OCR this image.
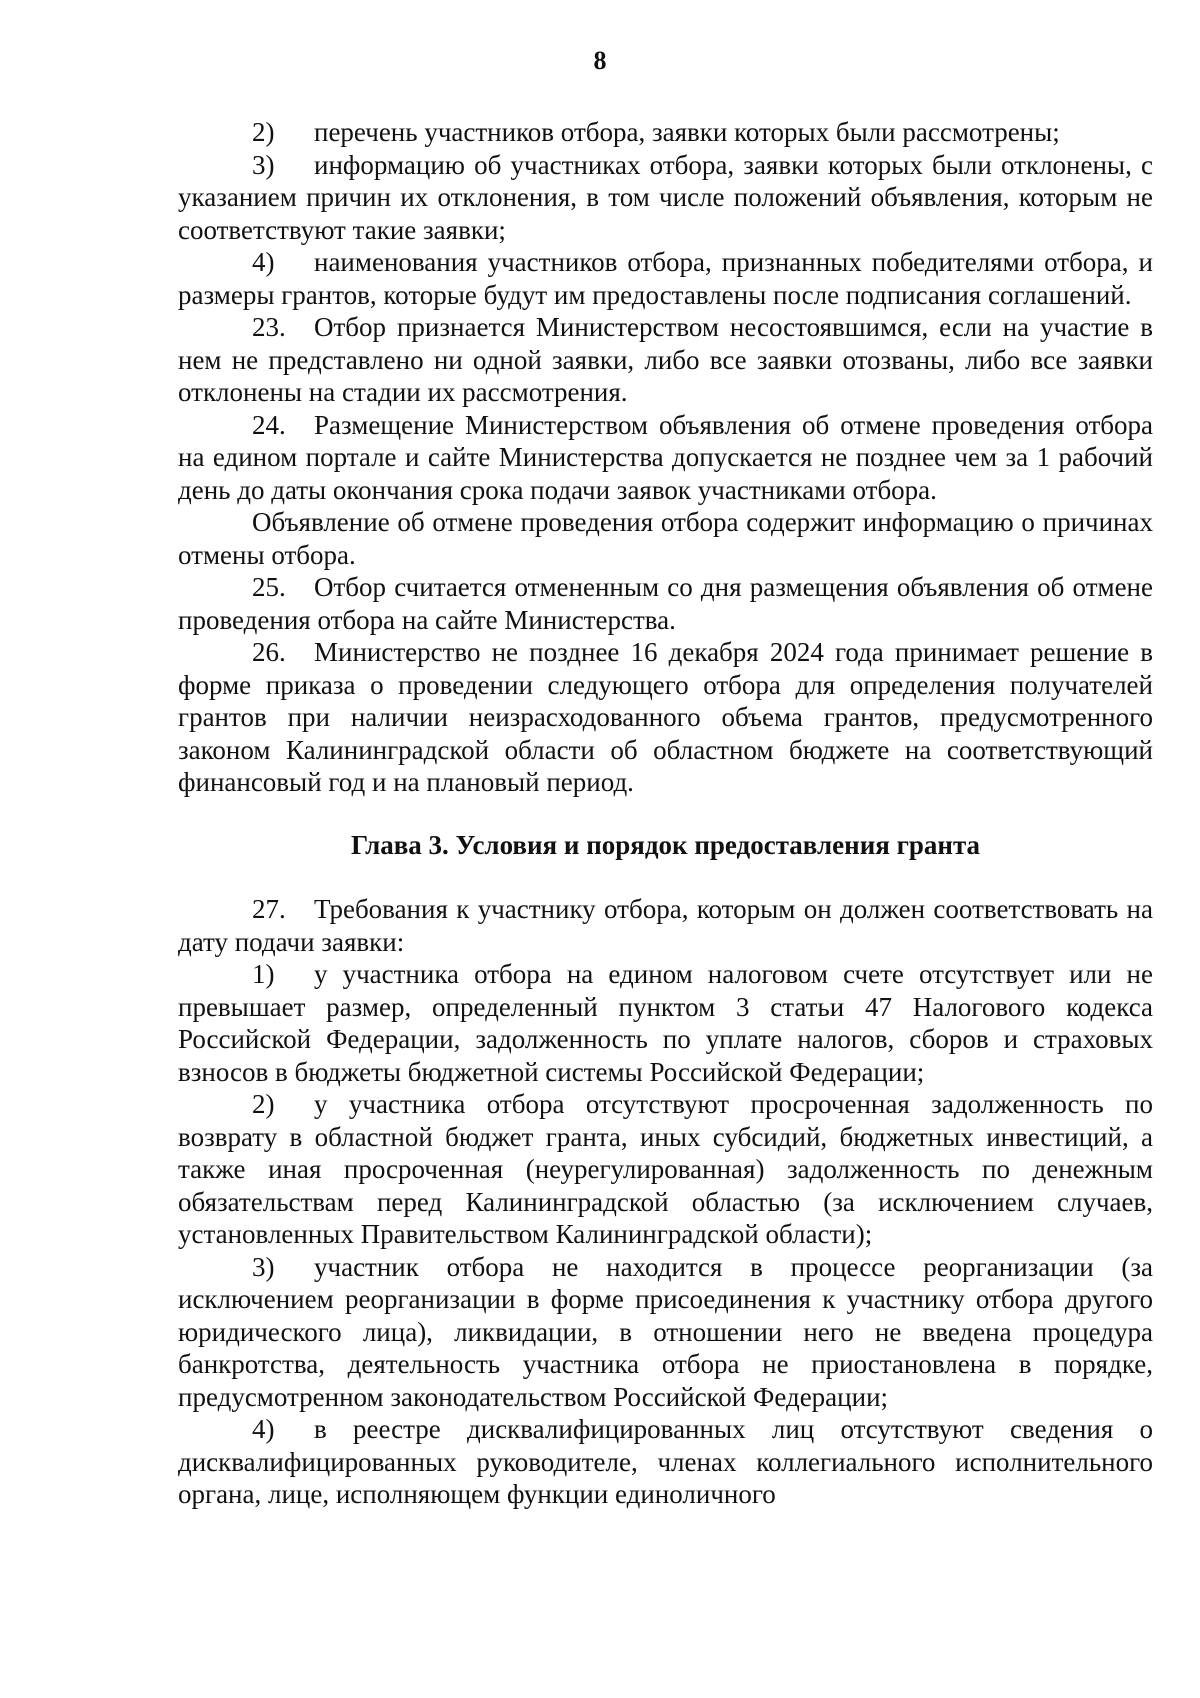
8

2) перечень участников отбора, заявки которых были рассмотрены;

3) информацию об участниках отбора, заявки которых были отклонены, с указанием причин их отклонения, в том числе положений объявления, которым не соответствуют такие заявки;

4) наименования участников отбора, признанных победителями отбора, и размеры грантов, которые будут им предоставлены после подписания соглашений.

23. Отбор признается Министерством несостоявшимся, если на участие в нем не представлено ни одной заявки, либо все заявки отозваны, либо все заявки отклонены на стадии их рассмотрения.

24. Размещение Министерством объявления об отмене проведения отбора на едином портале и сайте Министерства допускается не позднее чем за 1 рабочий день до даты окончания срока подачи заявок участниками отбора.

Объявление об отмене проведения отбора содержит информацию о причинах отмены отбора.

25. Отбор считается отмененным со дня размещения объявления об отмене проведения отбора на сайте Министерства.

26. Министерство не позднее 16 декабря 2024 года принимает решение в форме приказа о проведении следующего отбора для определения получателей грантов при наличии неизрасходованного объема грантов, предусмотренного законом Калининградской области об областном бюджете на соответствующий финансовый год и на плановый период.

Глава 3. Условия и порядок предоставления гранта

27. Требования к участнику отбора, которым он должен соответствовать на дату подачи заявки:

1) у участника отбора на едином налоговом счете отсутствует или не превышает размер, определенный пунктом 3 статьи 47 Налогового кодекса Российской Федерации, задолженность по уплате налогов, сборов и страховых взносов в бюджеты бюджетной системы Российской Федерации;

2) у участника отбора отсутствуют просроченная задолженность по возврату в областной бюджет гранта, иных субсидий, бюджетных инвестиций, а также иная просроченная (неурегулированная) задолженность по денежным обязательствам перед Калининградской областью (за исключением случаев, установленных Правительством Калининградской области);

3) участник отбора не находится в процессе реорганизации (за исключением реорганизации в форме присоединения к участнику отбора другого юридического лица), ликвидации, в отношении него не введена процедура банкротства, деятельность участника отбора не приостановлена в порядке, предусмотренном законодательством Российской Федерации;

4) в реестре дисквалифицированных лиц отсутствуют сведения о дисквалифицированных руководителе, членах коллегиального исполнительного органа, лице, исполняющем функции единоличного
